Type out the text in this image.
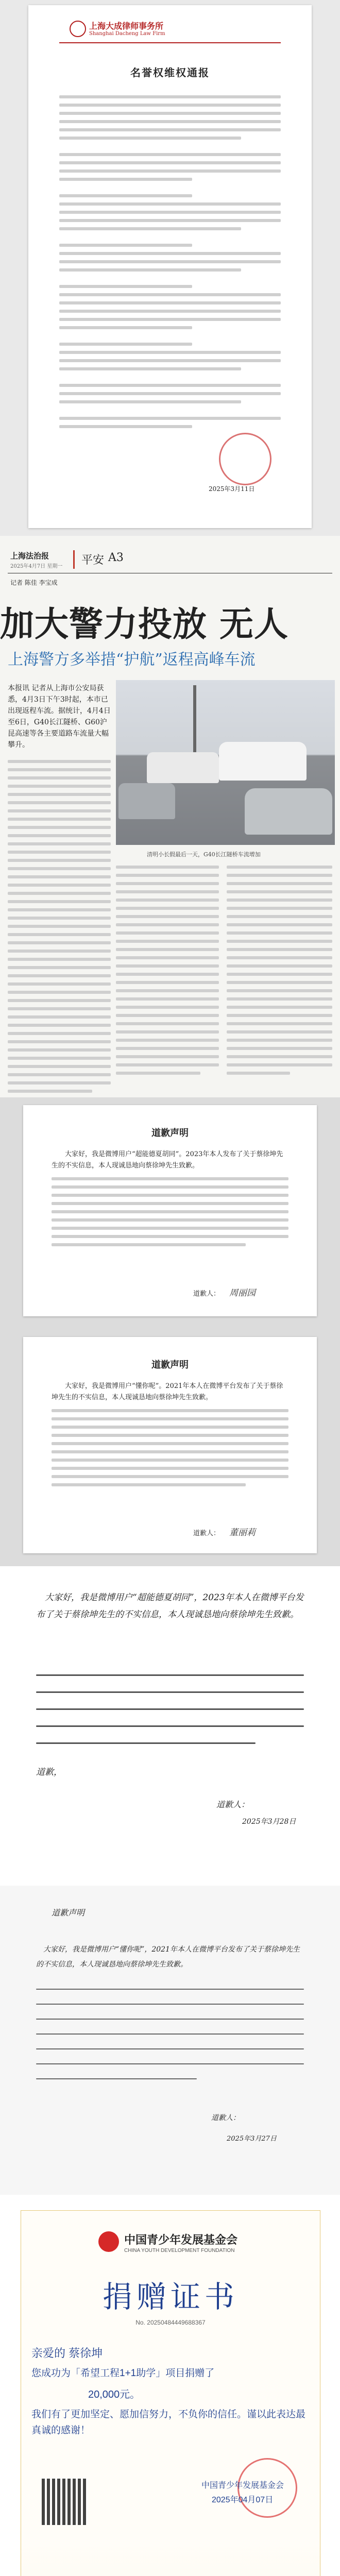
上海大成律师事务所
Shanghai Dacheng Law Firm
名誉权维权通报
2025年3月11日
上海法治报
2025年4月7日 星期一 平安 A3
记者 陈佳 李宝成
加大警力投放 无人
上海警方多举措“护航”返程高峰车流
本报讯 记者从上海市公安局获悉，4月3日下午3时起，本市已出现返程车流。据统计，4月4日至6日，G40长江隧桥、G60沪昆高速等各主要道路车流量大幅攀升。
清明小长假最后一天，G40长江隧桥车流增加
道歉声明
大家好，我是微博用户“超能德夏胡同”。2023年本人发布了关于蔡徐坤先生的不实信息，本人现诚恳地向蔡徐坤先生致歉。
道歉人： 周丽园
道歉声明
大家好，我是微博用户“懂你呢”。2021年本人在微博平台发布了关于蔡徐坤先生的不实信息，本人现诚恳地向蔡徐坤先生致歉。
道歉人： 董丽莉
大家好，我是微博用户“超能德夏胡同”，2023年本人在微博平台发布了关于蔡徐坤先生的不实信息，本人现诚恳地向蔡徐坤先生致歉。
道歉，
道歉人：
2025年3月28日
道歉声明
大家好，我是微博用户“懂你呢”，2021年本人在微博平台发布了关于蔡徐坤先生的不实信息，本人现诚恳地向蔡徐坤先生致歉。
道歉人：
2025年3月27日
中国青少年发展基金会
CHINA YOUTH DEVELOPMENT FOUNDATION
捐赠证书
No. 20250484449688367
亲爱的 蔡徐坤
您成功为「希望工程1+1助学」项目捐赠了
20,000元。
我们有了更加坚定、愿加信努力，不负你的信任。谨以此表达最真诚的感谢！
中国青少年发展基金会
2025年04月07日
